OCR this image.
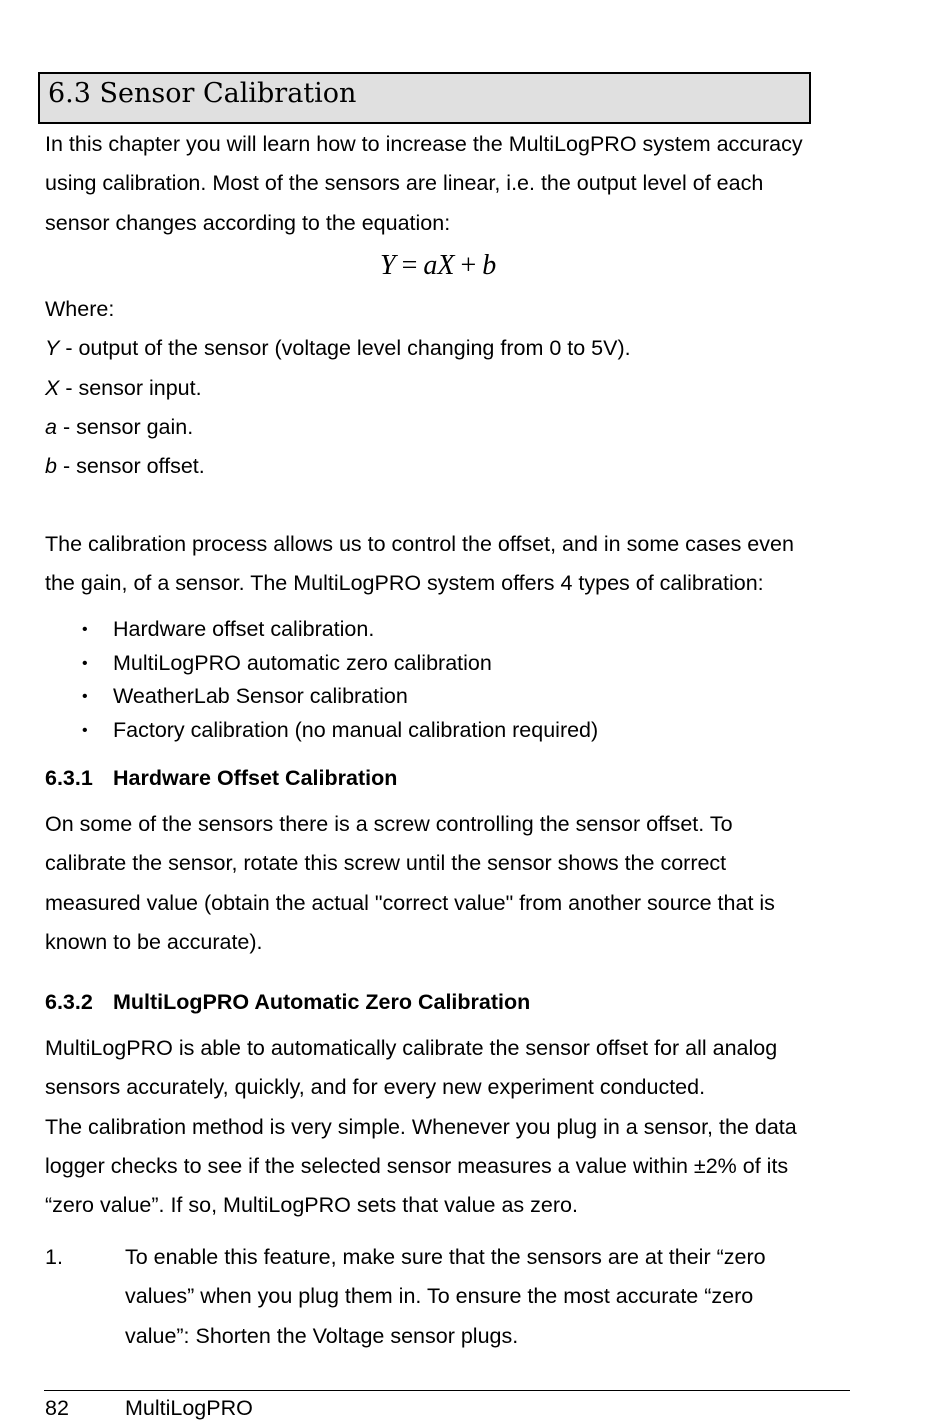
6.3 Sensor Calibration
In this chapter you will learn how to increase the MultiLogPRO system accuracy
using calibration. Most of the sensors are linear, i.e. the output level of each
sensor changes according to the equation:
Y = aX + b
Where:
Y - output of the sensor (voltage level changing from 0 to 5V).
X - sensor input.
a - sensor gain.
b - sensor offset.
The calibration process allows us to control the offset, and in some cases even
the gain, of a sensor. The MultiLogPRO system offers 4 types of calibration:
• Hardware offset calibration.
• MultiLogPRO automatic zero calibration
• WeatherLab Sensor calibration
• Factory calibration (no manual calibration required)
6.3.1 Hardware Offset Calibration
On some of the sensors there is a screw controlling the sensor offset. To
calibrate the sensor, rotate this screw until the sensor shows the correct
measured value (obtain the actual "correct value" from another source that is
known to be accurate).
6.3.2 MultiLogPRO Automatic Zero Calibration
MultiLogPRO is able to automatically calibrate the sensor offset for all analog
sensors accurately, quickly, and for every new experiment conducted.
The calibration method is very simple. Whenever you plug in a sensor, the data
logger checks to see if the selected sensor measures a value within ±2% of its
“zero value”. If so, MultiLogPRO sets that value as zero.
1.	To enable this feature, make sure that the sensors are at their “zero
values” when you plug them in. To ensure the most accurate “zero
value”: Shorten the Voltage sensor plugs.
82	MultiLogPRO
